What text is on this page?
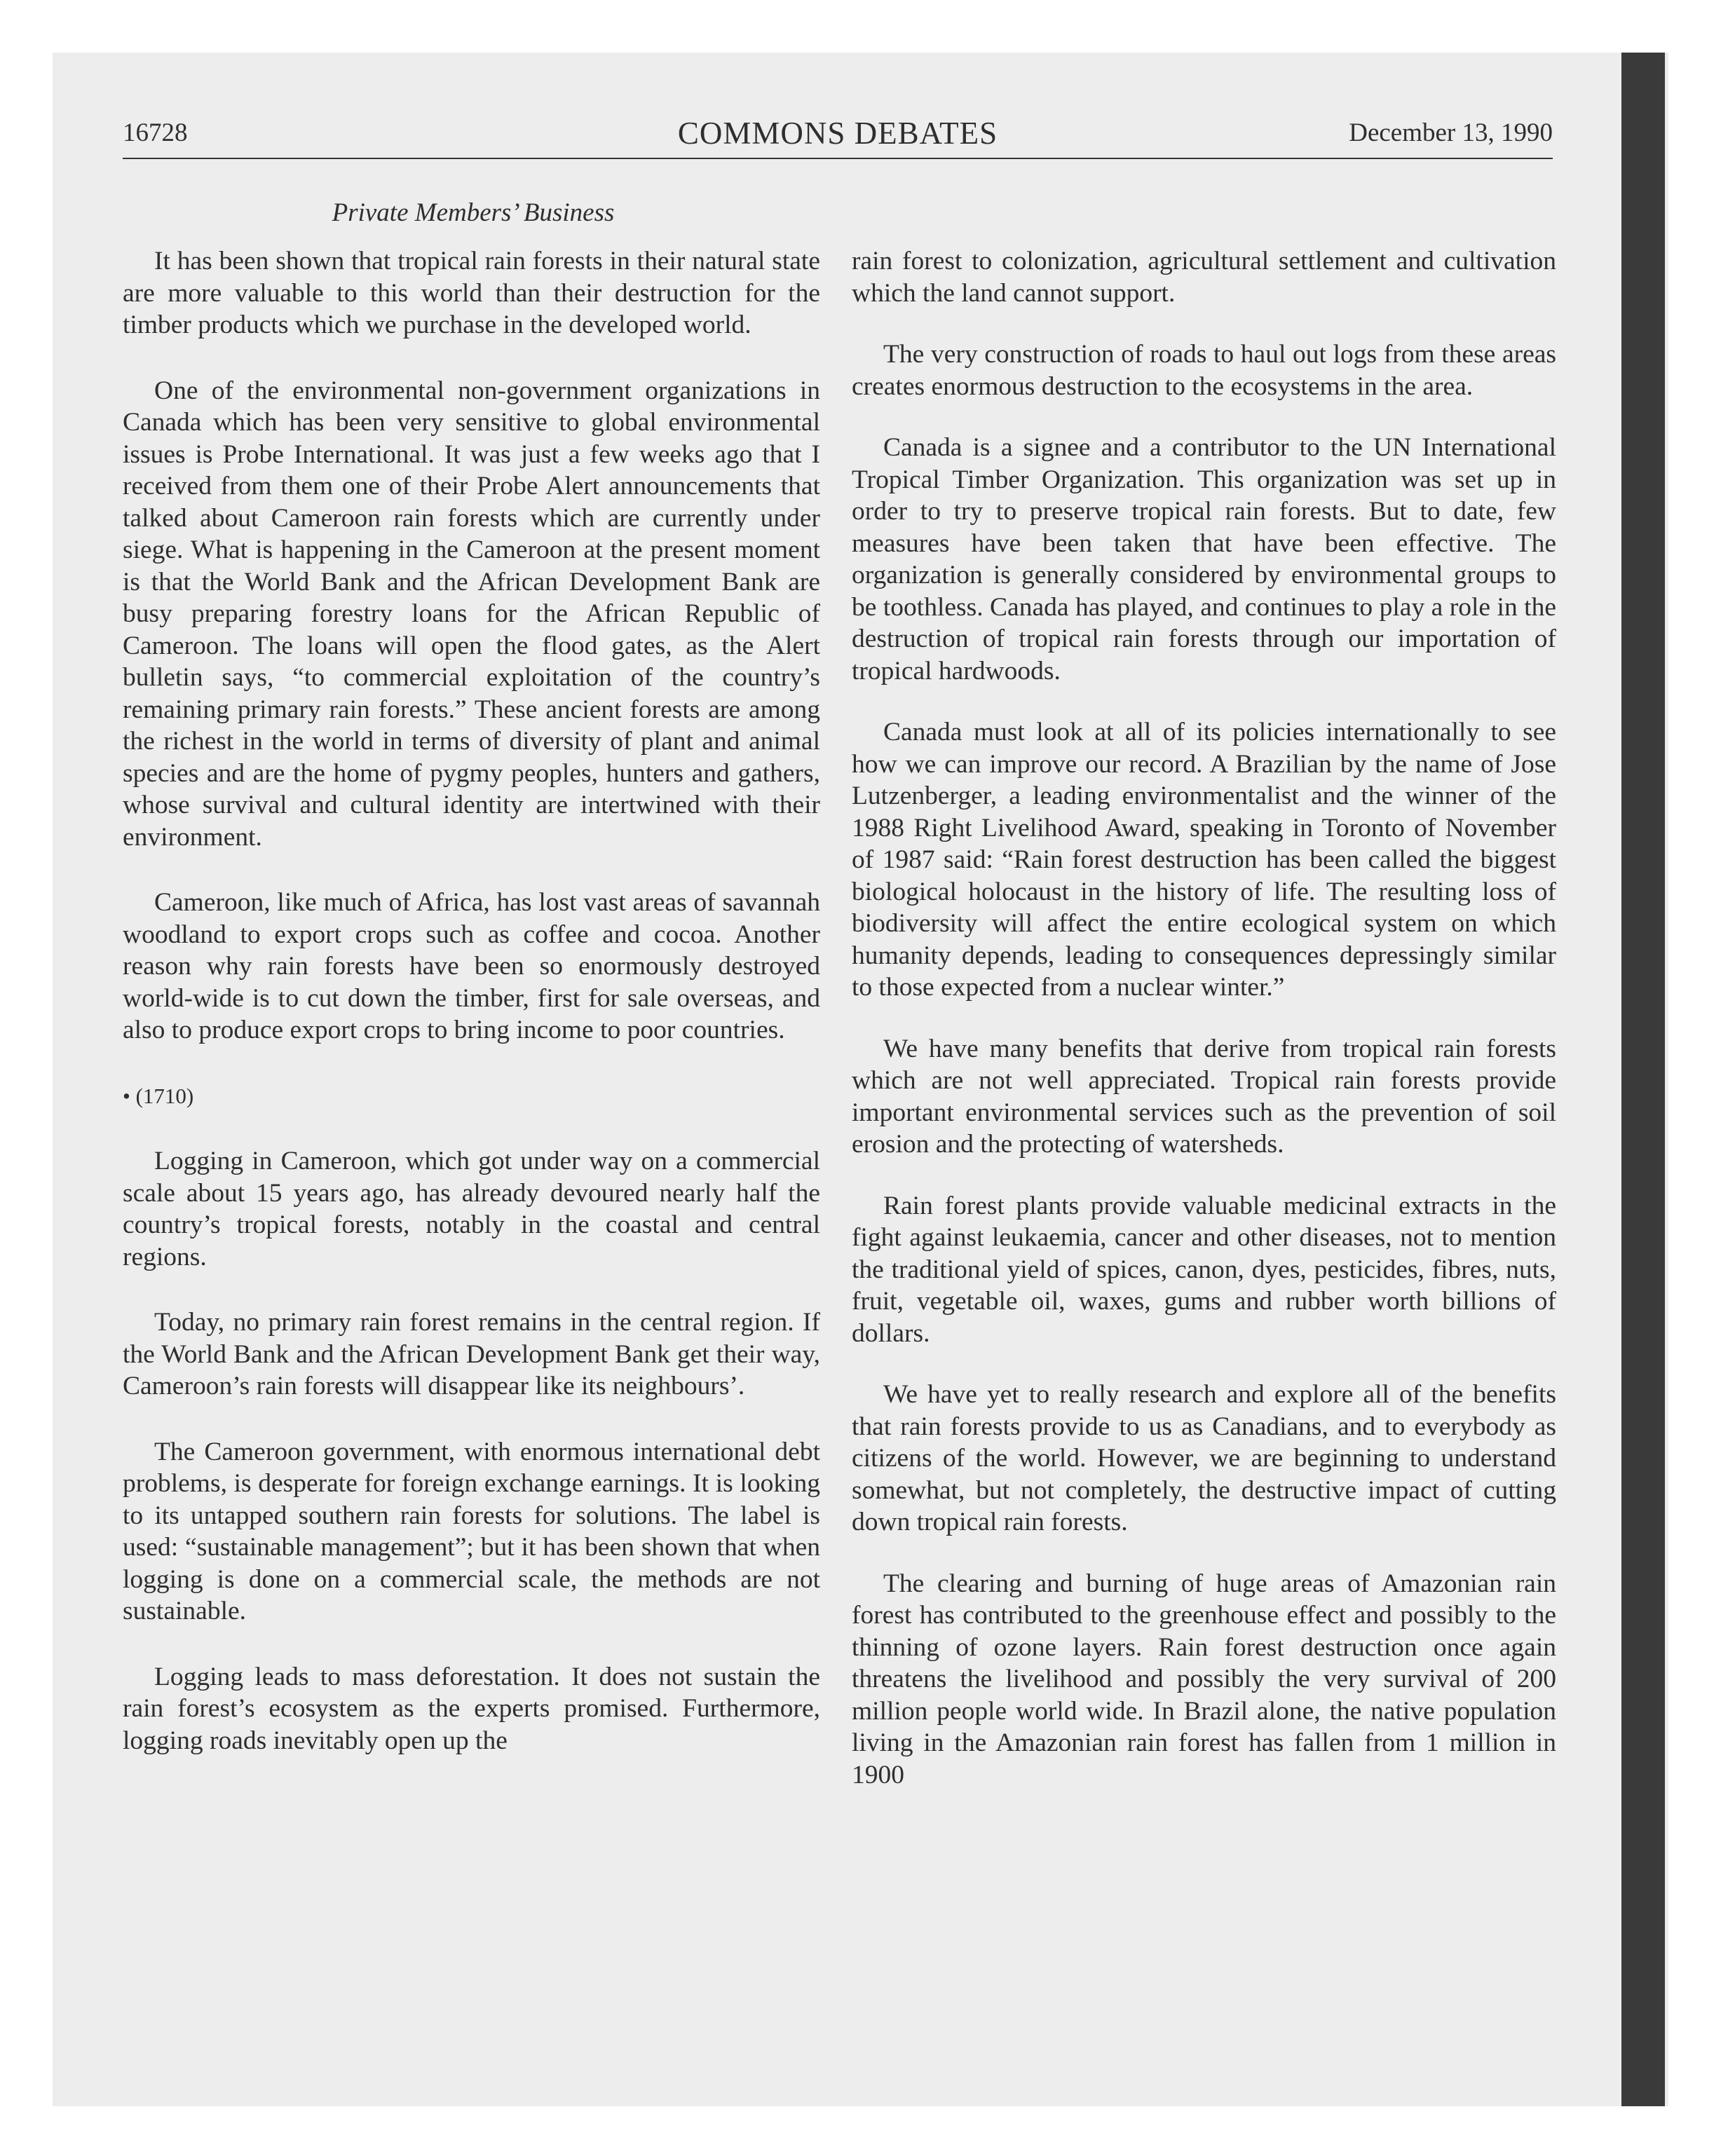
16728	COMMONS DEBATES	December 13, 1990
Private Members’ Business

It has been shown that tropical rain forests in their natural state are more valuable to this world than their destruction for the timber products which we purchase in the developed world.

One of the environmental non-government organizations in Canada which has been very sensitive to global environmental issues is Probe International. It was just a few weeks ago that I received from them one of their Probe Alert announcements that talked about Cameroon rain forests which are currently under siege. What is happening in the Cameroon at the present moment is that the World Bank and the African Development Bank are busy preparing forestry loans for the African Republic of Cameroon. The loans will open the flood gates, as the Alert bulletin says, “to commercial exploitation of the country’s remaining primary rain forests.” These ancient forests are among the richest in the world in terms of diversity of plant and animal species and are the home of pygmy peoples, hunters and gathers, whose survival and cultural identity are intertwined with their environment.

Cameroon, like much of Africa, has lost vast areas of savannah woodland to export crops such as coffee and cocoa. Another reason why rain forests have been so enormously destroyed world-wide is to cut down the timber, first for sale overseas, and also to produce export crops to bring income to poor countries.

• (1710)

Logging in Cameroon, which got under way on a commercial scale about 15 years ago, has already devoured nearly half the country’s tropical forests, notably in the coastal and central regions.

Today, no primary rain forest remains in the central region. If the World Bank and the African Development Bank get their way, Cameroon’s rain forests will disappear like its neighbours’.

The Cameroon government, with enormous international debt problems, is desperate for foreign exchange earnings. It is looking to its untapped southern rain forests for solutions. The label is used: “sustainable management”; but it has been shown that when logging is done on a commercial scale, the methods are not sustainable.

Logging leads to mass deforestation. It does not sustain the rain forest’s ecosystem as the experts promised. Furthermore, logging roads inevitably open up the

rain forest to colonization, agricultural settlement and cultivation which the land cannot support.

The very construction of roads to haul out logs from these areas creates enormous destruction to the ecosystems in the area.

Canada is a signee and a contributor to the UN International Tropical Timber Organization. This organization was set up in order to try to preserve tropical rain forests. But to date, few measures have been taken that have been effective. The organization is generally considered by environmental groups to be toothless. Canada has played, and continues to play a role in the destruction of tropical rain forests through our importation of tropical hardwoods.

Canada must look at all of its policies internationally to see how we can improve our record. A Brazilian by the name of Jose Lutzenberger, a leading environmentalist and the winner of the 1988 Right Livelihood Award, speaking in Toronto of November of 1987 said: “Rain forest destruction has been called the biggest biological holocaust in the history of life. The resulting loss of biodiversity will affect the entire ecological system on which humanity depends, leading to consequences depressingly similar to those expected from a nuclear winter.”

We have many benefits that derive from tropical rain forests which are not well appreciated. Tropical rain forests provide important environmental services such as the prevention of soil erosion and the protecting of watersheds.

Rain forest plants provide valuable medicinal extracts in the fight against leukaemia, cancer and other diseases, not to mention the traditional yield of spices, canon, dyes, pesticides, fibres, nuts, fruit, vegetable oil, waxes, gums and rubber worth billions of dollars.

We have yet to really research and explore all of the benefits that rain forests provide to us as Canadians, and to everybody as citizens of the world. However, we are beginning to understand somewhat, but not completely, the destructive impact of cutting down tropical rain forests.

The clearing and burning of huge areas of Amazonian rain forest has contributed to the greenhouse effect and possibly to the thinning of ozone layers. Rain forest destruction once again threatens the livelihood and possibly the very survival of 200 million people world wide. In Brazil alone, the native population living in the Amazonian rain forest has fallen from 1 million in 1900
